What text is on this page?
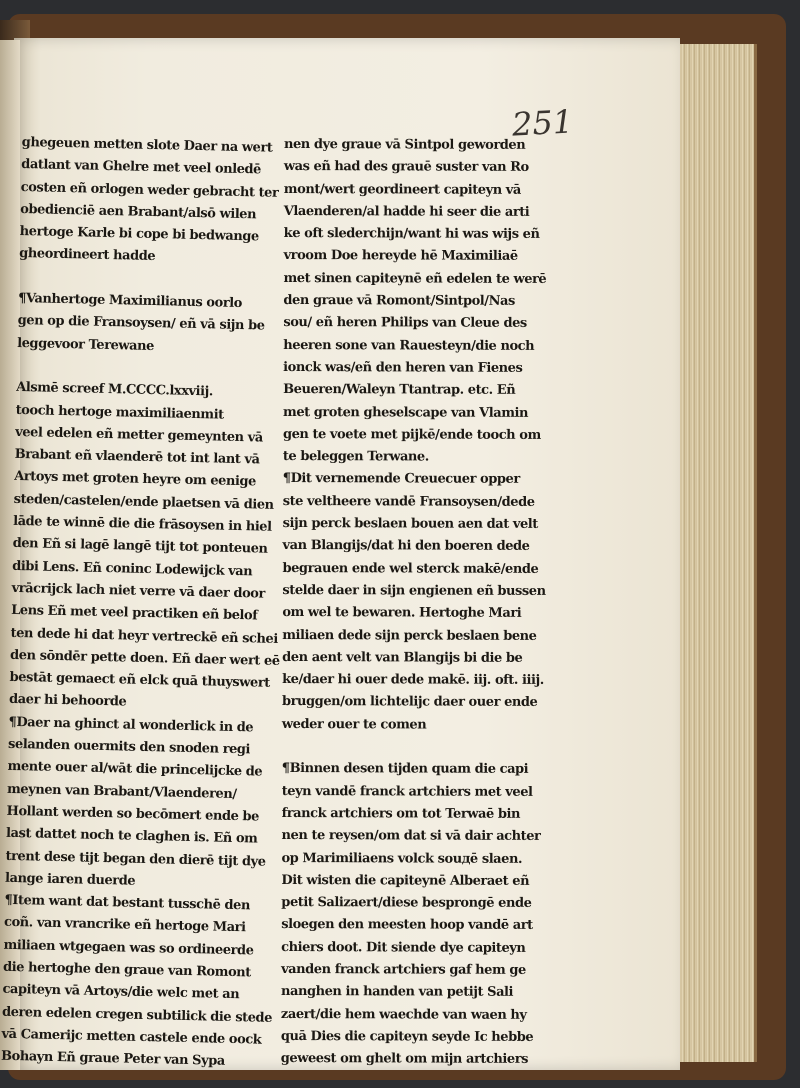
251
ghegeuen metten slote Daer na wert
datlant van Ghelre met veel onledē
costen eñ orlogen weder gebracht ter
obedienciē aen Brabant/alsō wilen
hertoge Karle bi cope bi bedwange
gheordineert hadde
¶Vanhertoge Maximilianus oorlo
gen op die Fransoysen/ eñ vā sijn be
leggevoor Terewane
Alsmē screef M.CCCC.lxxviij.
tooch hertoge maximiliaenmit
veel edelen eñ metter gemeynten vā
Brabant eñ vlaenderē tot int lant vā
Artoys met groten heyre om eenige
steden/castelen/ende plaetsen vā dien
lāde te winnē die die frāsoysen in hiel
den Eñ si lagē langē tijt tot ponteuen
dibi Lens. Eñ coninc Lodewijck van
vrācrijck lach niet verre vā daer door
Lens Eñ met veel practiken eñ belof
ten dede hi dat heyr vertreckē eñ schei
den sōndēr pette doen. Eñ daer wert eē
bestāt gemaect eñ elck quā thuyswert
daer hi behoorde
¶Daer na ghinct al wonderlick in de
selanden ouermits den snoden regi
mente ouer al/wāt die princelijcke de
meynen van Brabant/Vlaenderen/
Hollant werden so becōmert ende be
last dattet noch te claghen is. Eñ om
trent dese tijt began den dierē tijt dye
lange iaren duerde
¶Item want dat bestant tusschē den
coñ. van vrancrike eñ hertoge Mari
miliaen wtgegaen was so ordineerde
die hertoghe den graue van Romont
capiteyn vā Artoys/die welc met an
deren edelen cregen subtilick die stede
vā Camerijc metten castele ende oock
Bohayn Eñ graue Peter van Sypa
nen dye graue vā Sintpol geworden
was eñ had des grauē suster van Ro
mont/wert geordineert capiteyn vā
Vlaenderen/al hadde hi seer die arti
ke oft slederchijn/want hi was wijs eñ
vroom Doe hereyde hē Maximiliaē
met sinen capiteynē eñ edelen te werē
den graue vā Romont/Sintpol/Nas
sou/ eñ heren Philips van Cleue des
heeren sone van Rauesteyn/die noch
ionck was/eñ den heren van Fienes
Beueren/Waleyn Ttantrap. etc. Eñ
met groten gheselscape van Vlamin
gen te voete met pijkē/ende tooch om
te beleggen Terwane.
¶Dit vernemende Creuecuer opper
ste veltheere vandē Fransoysen/dede
sijn perck beslaen bouen aen dat velt
van Blangijs/dat hi den boeren dede
begrauen ende wel sterck makē/ende
stelde daer in sijn engienen eñ bussen
om wel te bewaren. Hertoghe Mari
miliaen dede sijn perck beslaen bene
den aent velt van Blangijs bi die be
ke/daer hi ouer dede makē. iij. oft. iiij.
bruggen/om lichtelijc daer ouer ende
weder ouer te comen
¶Binnen desen tijden quam die capi
teyn vandē franck artchiers met veel
franck artchiers om tot Terwaē bin
nen te reysen/om dat si vā dair achter
op Marimiliaens volck souдē slaen.
Dit wisten die capiteynē Alberaet eñ
petit Salizaert/diese besprongē ende
sloegen den meesten hoop vandē art
chiers doot. Dit siende dye capiteyn
vanden franck artchiers gaf hem ge
nanghen in handen van petijt Sali
zaert/die hem waechde van waen hy
quā Dies die capiteyn seyde Ic hebbe
geweest om ghelt om mijn artchiers
